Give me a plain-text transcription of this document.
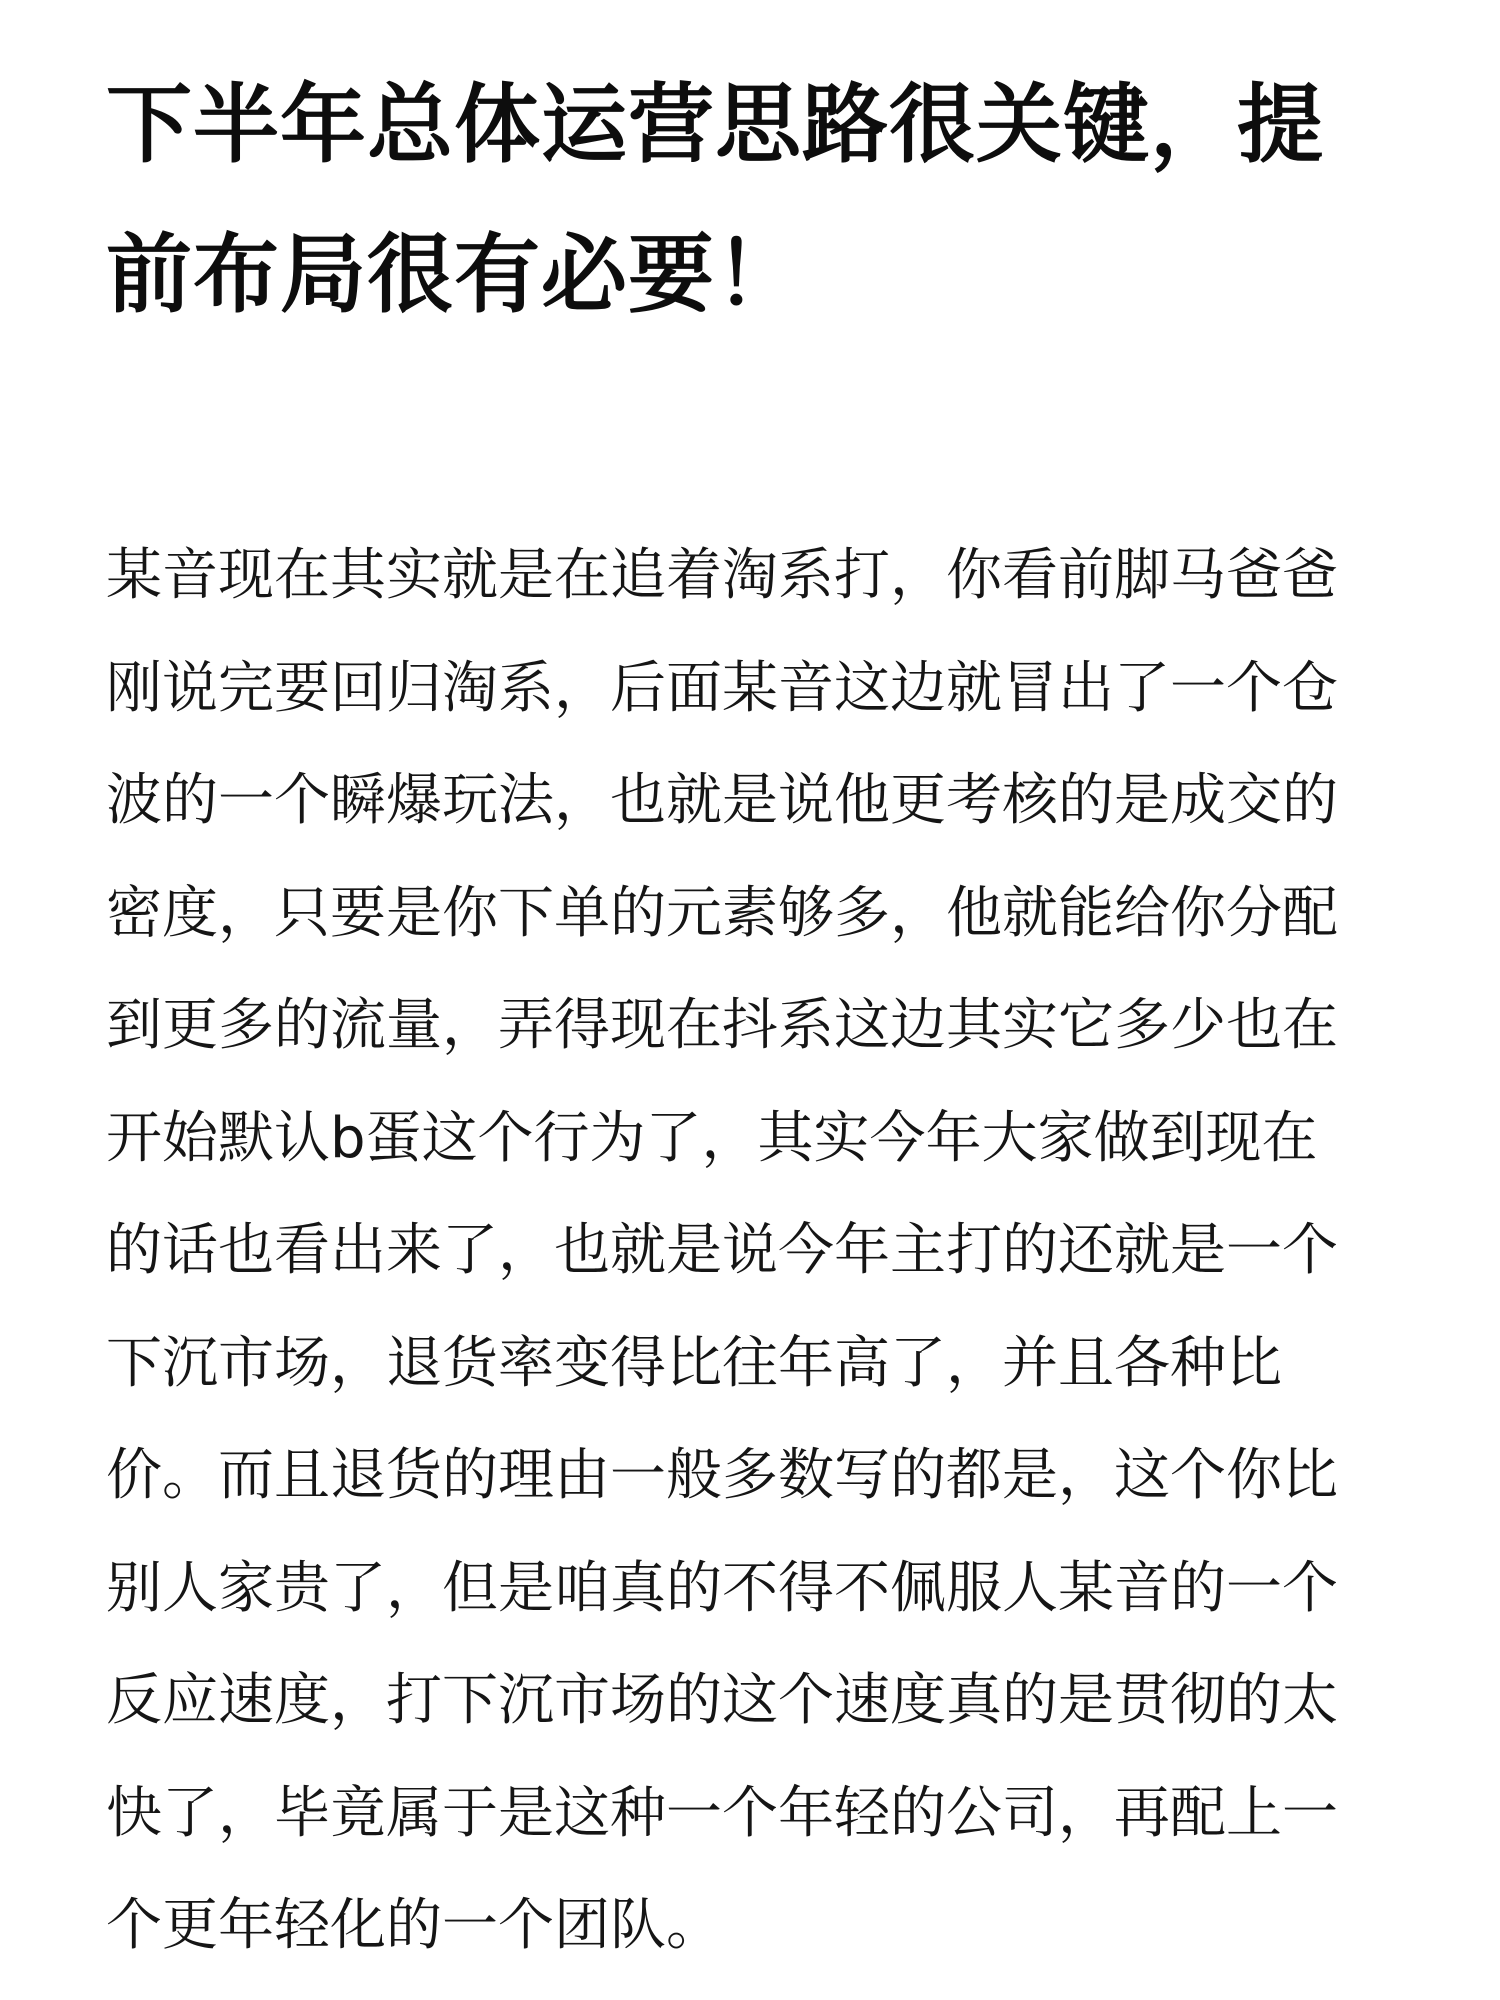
下半年总体运营思路很关键，提
前布局很有必要！
某音现在其实就是在追着淘系打，你看前脚马爸爸
刚说完要回归淘系，后面某音这边就冒出了一个仓
波的一个瞬爆玩法，也就是说他更考核的是成交的
密度，只要是你下单的元素够多，他就能给你分配
到更多的流量，弄得现在抖系这边其实它多少也在
开始默认b蛋这个行为了，其实今年大家做到现在
的话也看出来了，也就是说今年主打的还就是一个
下沉市场，退货率变得比往年高了，并且各种比
价。而且退货的理由一般多数写的都是，这个你比
别人家贵了，但是咱真的不得不佩服人某音的一个
反应速度，打下沉市场的这个速度真的是贯彻的太
快了，毕竟属于是这种一个年轻的公司，再配上一
个更年轻化的一个团队。
